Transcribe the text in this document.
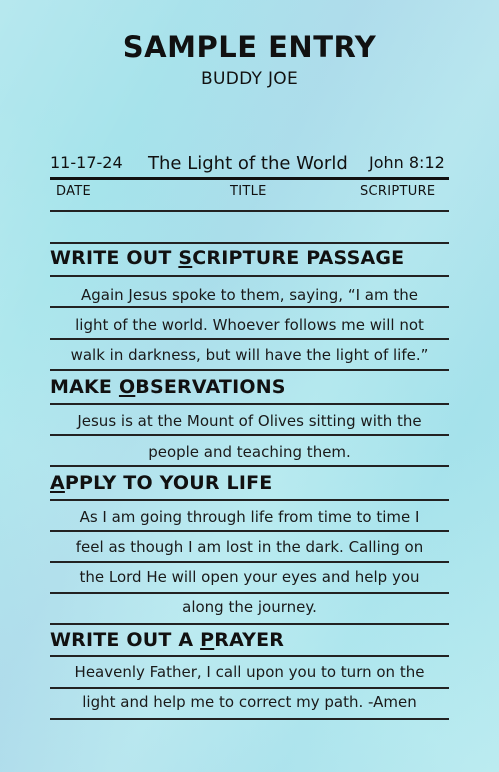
SAMPLE ENTRY
BUDDY JOE
11-17-24 The Light of the World John 8:12
DATE	TITLE	SCRIPTURE
WRITE OUT SCRIPTURE PASSAGE
Again Jesus spoke to them, saying, “I am the
light of the world. Whoever follows me will not
walk in darkness, but will have the light of life.”
MAKE OBSERVATIONS
Jesus is at the Mount of Olives sitting with the
people and teaching them.
APPLY TO YOUR LIFE
As I am going through life from time to time I
feel as though I am lost in the dark. Calling on
the Lord He will open your eyes and help you
along the journey.
WRITE OUT A PRAYER
Heavenly Father, I call upon you to turn on the
light and help me to correct my path. -Amen
